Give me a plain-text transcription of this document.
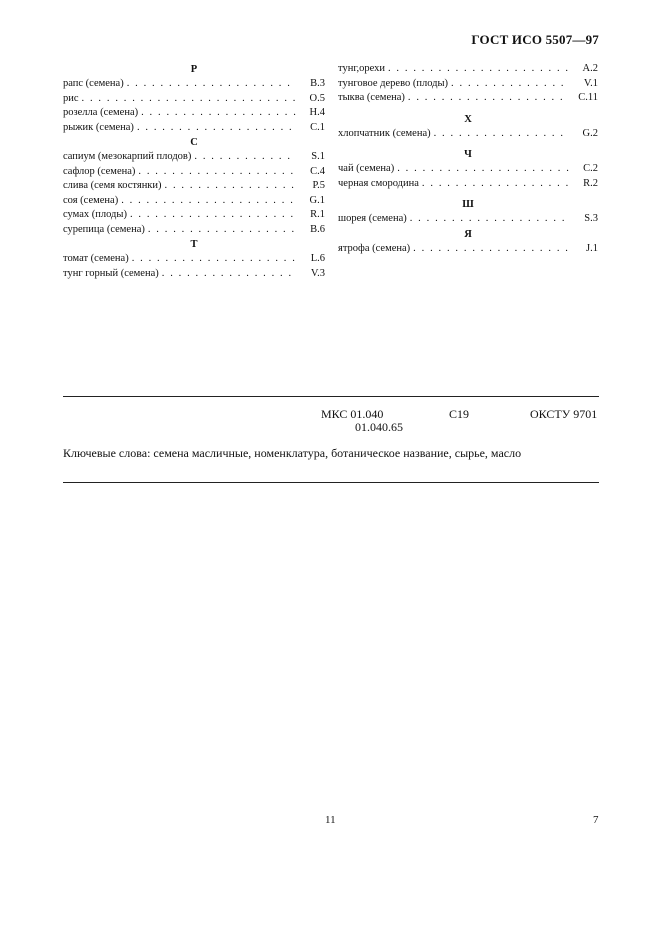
ГОСТ ИСО 5507—97
Р
рапс (семена) . . .	B.3
рис . . .	O.5
розелла (семена) . . .	H.4
рыжик (семена) . . .	C.1
С
сапиум (мезокарпий плодов) . . .	S.1
сафлор (семена) . . .	C.4
слива (семя костянки) . . .	P.5
соя (семена) . . .	G.1
сумах (плоды) . . .	R.1
сурепица (семена) . . .	B.6
Т
томат (семена) . . .	L.6
тунг горный (семена) . . .	V.3
тунг,орехи . . .	A.2
тунговое дерево (плоды) . . .	V.1
тыква (семена) . . .	C.11
Х
хлопчатник (семена) . . .	G.2
Ч
чай (семена) . . .	C.2
черная смородина . . .	R.2
Ш
шорея (семена) . . .	S.3
Я
ятрофа (семена) . . .	J.1
МКС 01.040
01.040.65
С19	ОКСТУ 9701
Ключевые слова: семена масличные, номенклатура, ботаническое название, сырье, масло
11	7
